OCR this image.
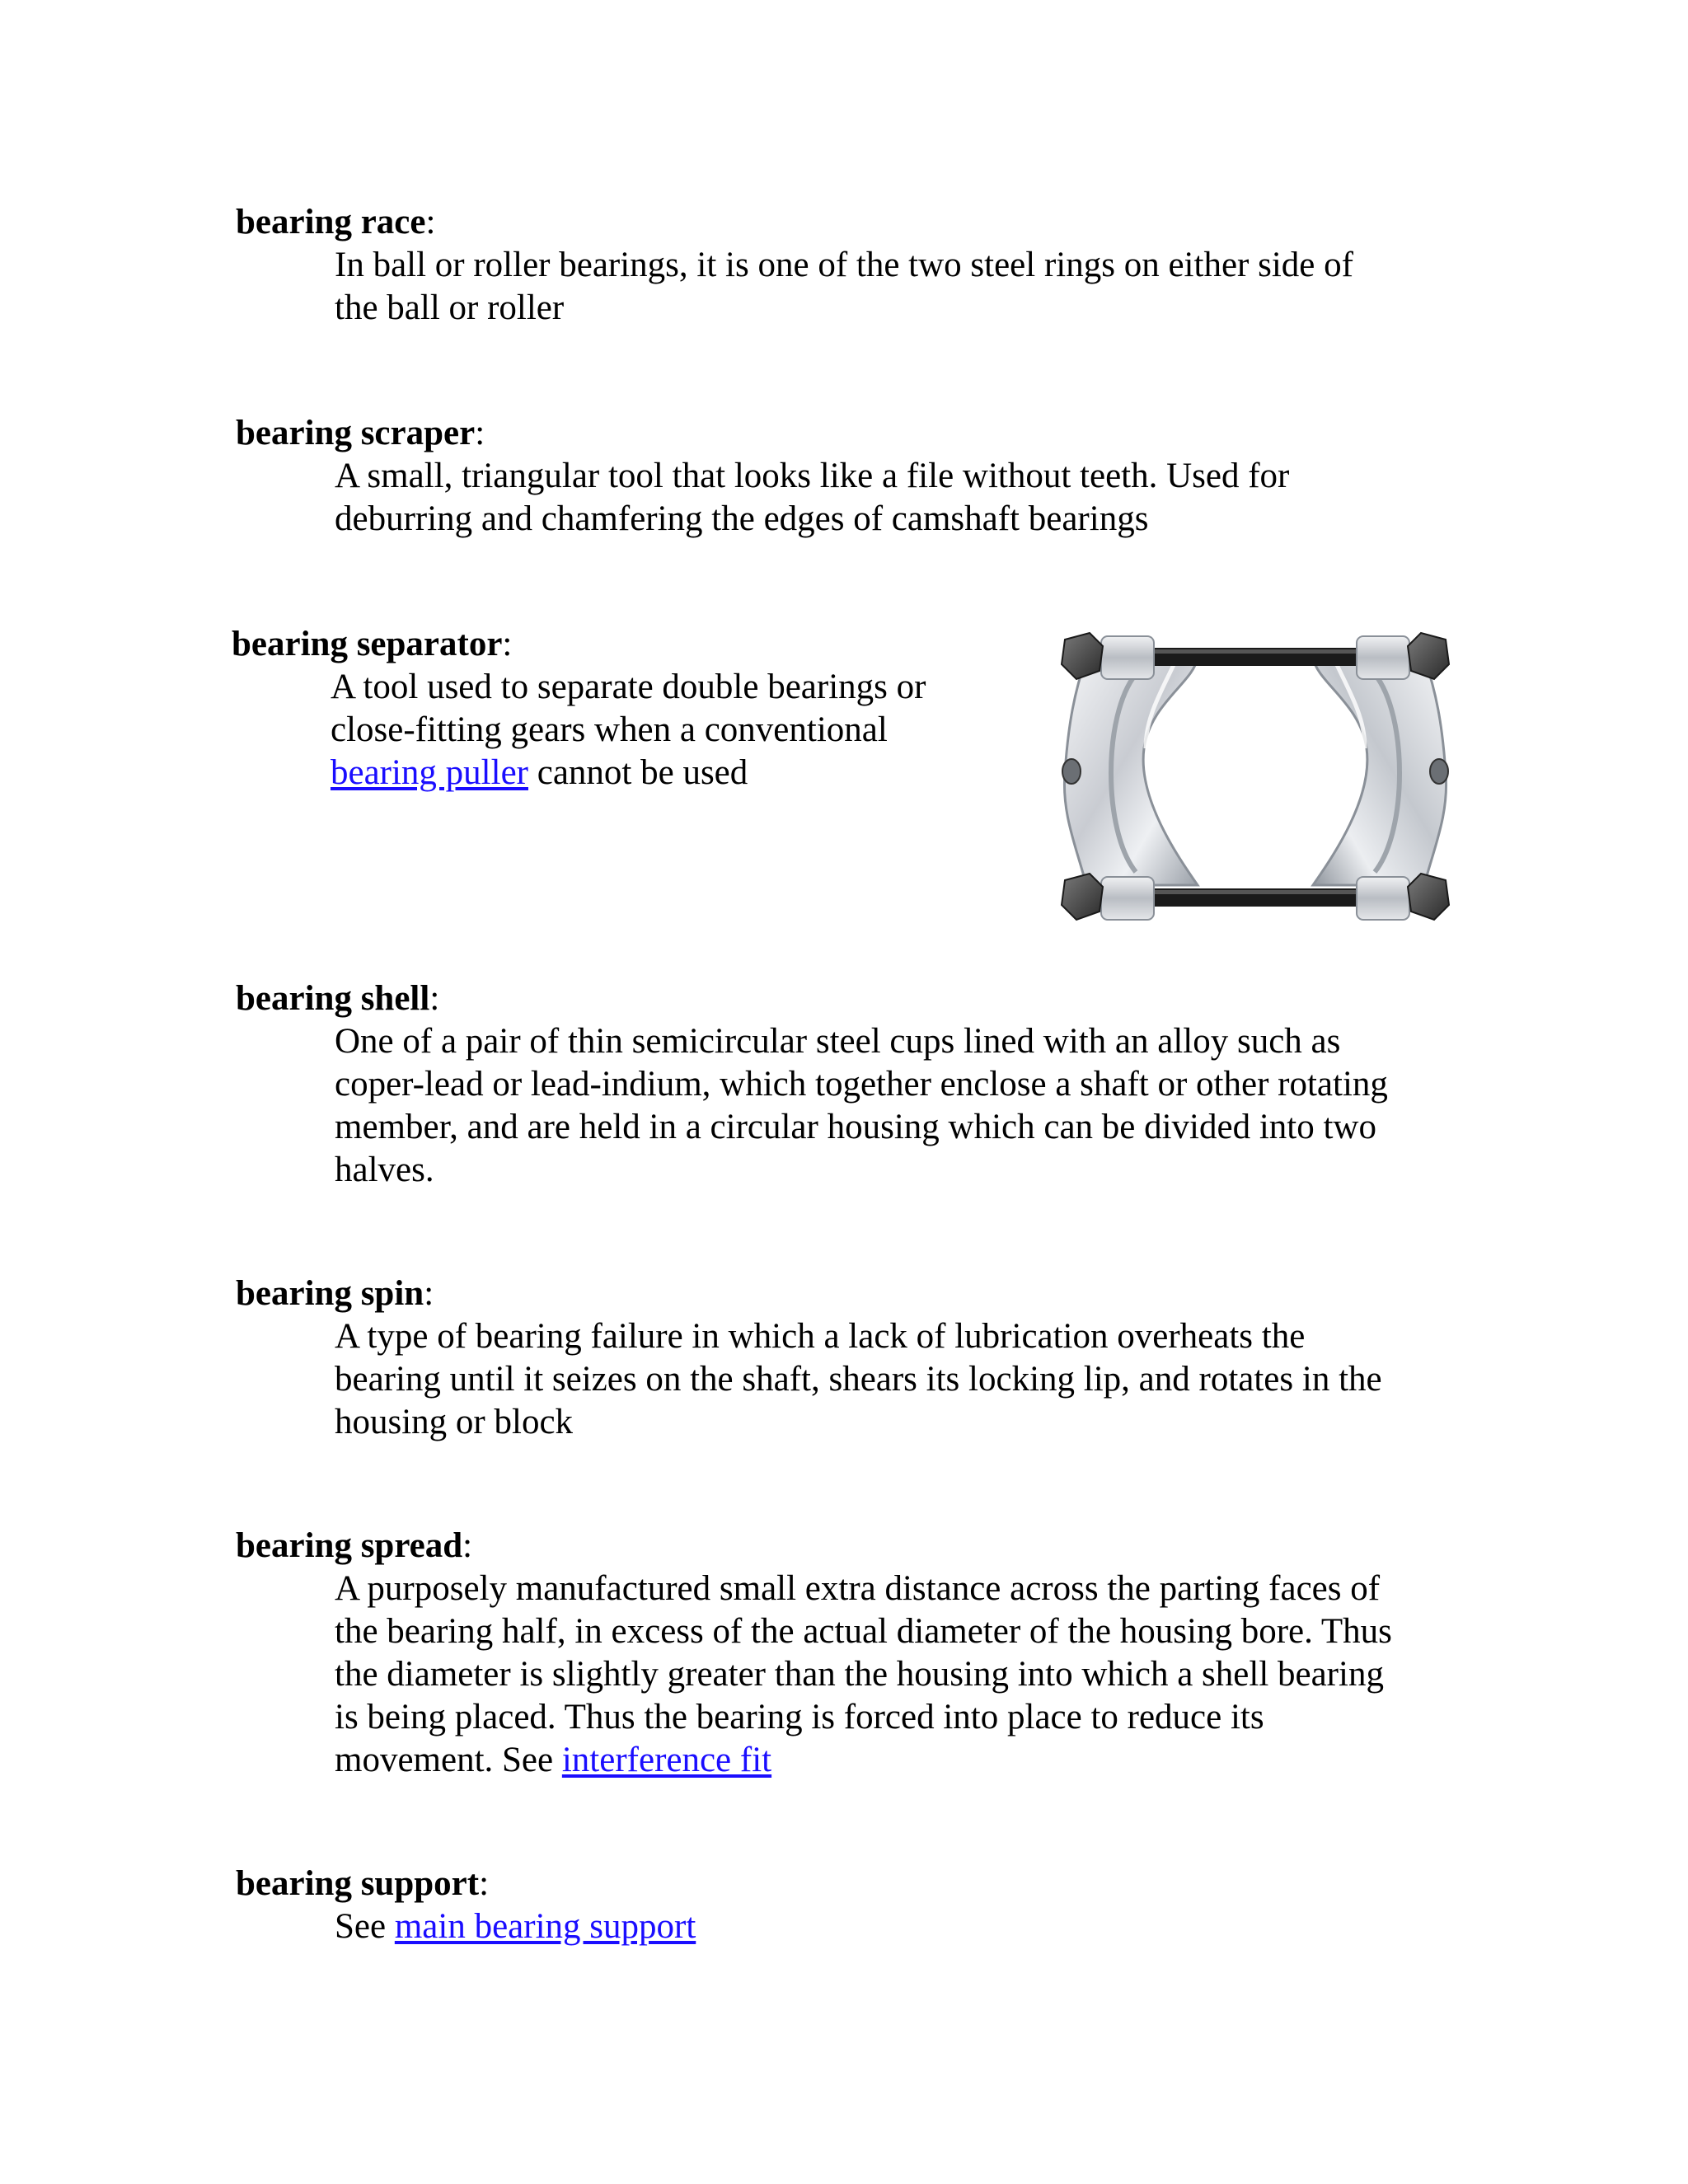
bearing race:

In ball or roller bearings, it is one of the two steel rings on either side of

the ball or roller

bearing scraper:

A small, triangular tool that looks like a file without teeth. Used for

deburring and chamfering the edges of camshaft bearings

bearing separator:

A tool used to separate double bearings or

close-fitting gears when a conventional

bearing puller cannot be used

bearing shell:

One of a pair of thin semicircular steel cups lined with an alloy such as

coper-lead or lead-indium, which together enclose a shaft or other rotating

member, and are held in a circular housing which can be divided into two

halves.

bearing spin:

A type of bearing failure in which a lack of lubrication overheats the

bearing until it seizes on the shaft, shears its locking lip, and rotates in the

housing or block

bearing spread:

A purposely manufactured small extra distance across the parting faces of

the bearing half, in excess of the actual diameter of the housing bore. Thus

the diameter is slightly greater than the housing into which a shell bearing

is being placed. Thus the bearing is forced into place to reduce its

movement. See interference fit

bearing support:

See main bearing support
